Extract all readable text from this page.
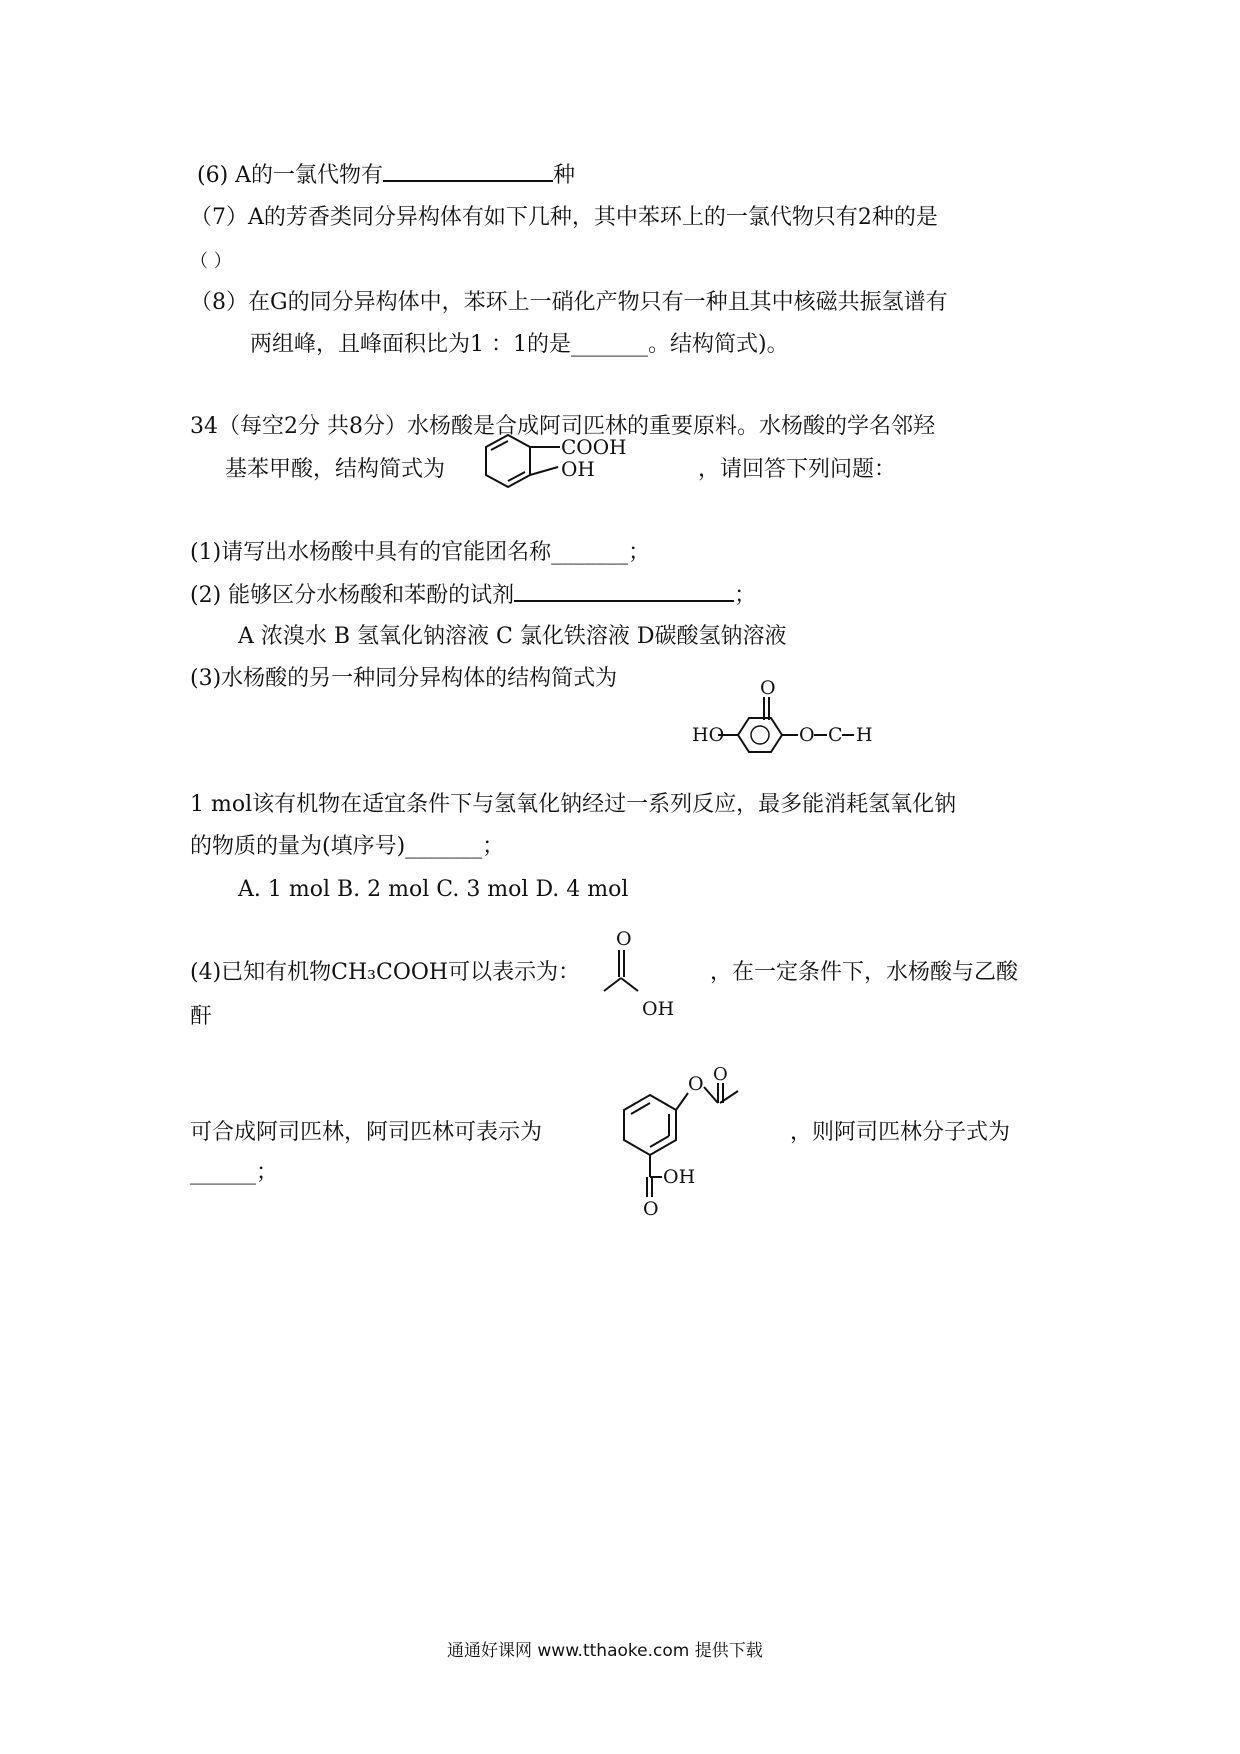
(6) A的一氯代物有	种
（7）A的芳香类同分异构体有如下几种，其中苯环上的一氯代物只有2种的是
（ ）
（8）在G的同分异构体中，苯环上一硝化产物只有一种且其中核磁共振氢谱有
两组峰，且峰面积比为1 ：1的是_______。结构简式)。
34（每空2分 共8分）水杨酸是合成阿司匹林的重要原料。水杨酸的学名邻羟
基苯甲酸，结构简式为
COOH
OH	，请回答下列问题：
(1)请写出水杨酸中具有的官能团名称_______；
(2) 能够区分水杨酸和苯酚的试剂	；
A 浓溴水 B 氢氧化钠溶液 C 氯化铁溶液 D碳酸氢钠溶液
(3)水杨酸的另一种同分异构体的结构简式为	O
HO	O C H
1 mol该有机物在适宜条件下与氢氧化钠经过一系列反应，最多能消耗氢氧化钠
的物质的量为(填序号)_______；
A. 1 mol B. 2 mol C. 3 mol D. 4 mol
(4)已知有机物CH₃COOH可以表示为：
O
OH
，在一定条件下，水杨酸与乙酸
酐
可合成阿司匹林，阿司匹林可表示为
O O
OH
O
，则阿司匹林分子式为
______；
通通好课网 www.tthaoke.com 提供下载
